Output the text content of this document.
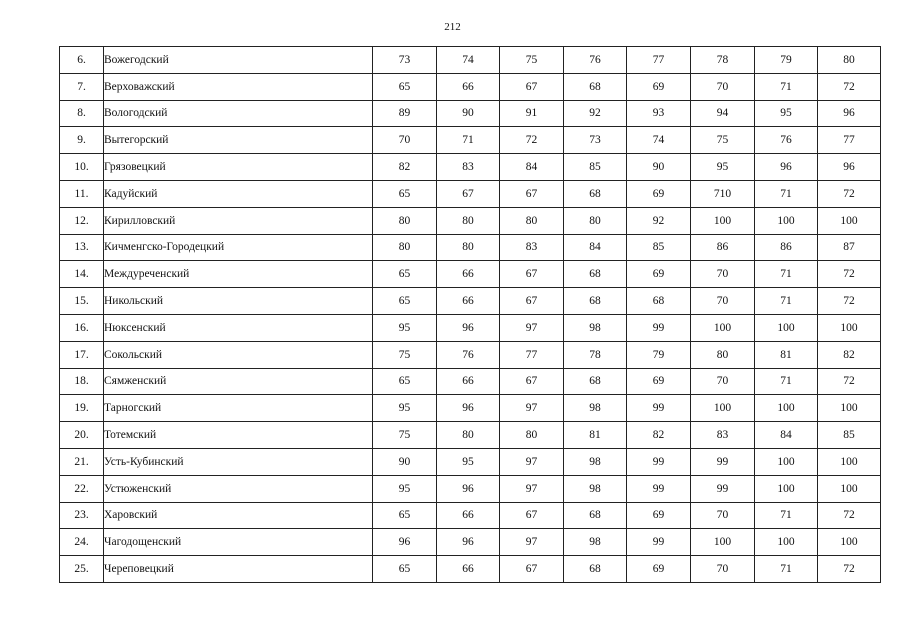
212
6.	Вожегодский	73	74	75	76	77	78	79	80
7.	Верховажский	65	66	67	68	69	70	71	72
8.	Вологодский	89	90	91	92	93	94	95	96
9.	Вытегорский	70	71	72	73	74	75	76	77
10.	Грязовецкий	82	83	84	85	90	95	96	96
11.	Кадуйский	65	67	67	68	69	710	71	72
12.	Кирилловский	80	80	80	80	92	100	100	100
13.	Кичменгско-Городецкий	80	80	83	84	85	86	86	87
14.	Междуреченский	65	66	67	68	69	70	71	72
15.	Никольский	65	66	67	68	68	70	71	72
16.	Нюксенский	95	96	97	98	99	100	100	100
17.	Сокольский	75	76	77	78	79	80	81	82
18.	Сямженский	65	66	67	68	69	70	71	72
19.	Тарногский	95	96	97	98	99	100	100	100
20.	Тотемский	75	80	80	81	82	83	84	85
21.	Усть-Кубинский	90	95	97	98	99	99	100	100
22.	Устюженский	95	96	97	98	99	99	100	100
23.	Харовский	65	66	67	68	69	70	71	72
24.	Чагодощенский	96	96	97	98	99	100	100	100
25.	Череповецкий	65	66	67	68	69	70	71	72
